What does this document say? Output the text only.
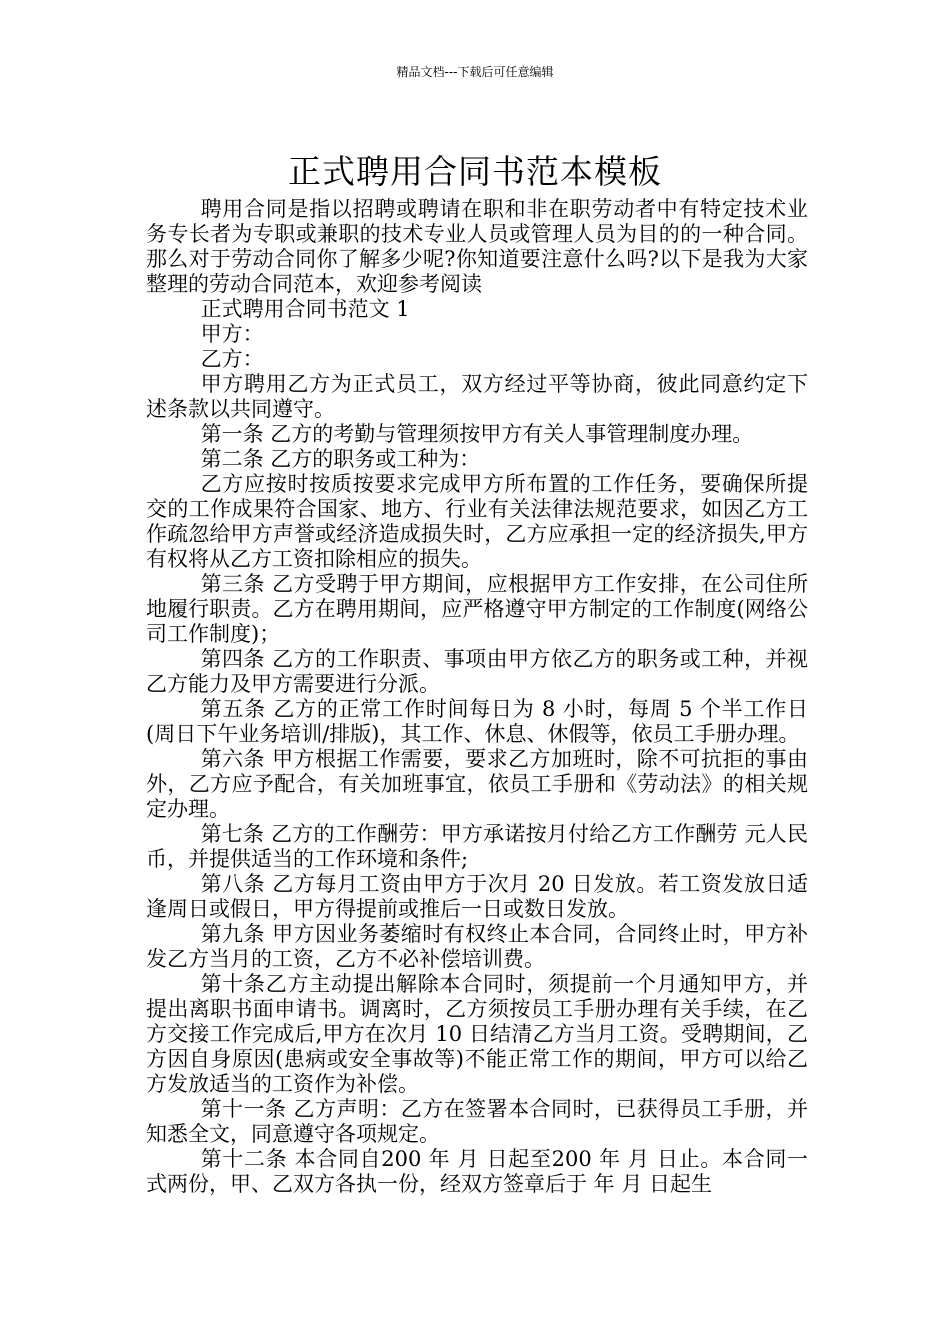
精品文档---下载后可任意编辑
正式聘用合同书范本模板

聘用合同是指以招聘或聘请在职和非在职劳动者中有特定技术业务专长者为专职或兼职的技术专业人员或管理人员为目的的一种合同。那么对于劳动合同你了解多少呢?你知道要注意什么吗?以下是我为大家整理的劳动合同范本，欢迎参考阅读

正式聘用合同书范文 1

甲方：

乙方：

甲方聘用乙方为正式员工，双方经过平等协商，彼此同意约定下述条款以共同遵守。

第一条 乙方的考勤与管理须按甲方有关人事管理制度办理。

第二条 乙方的职务或工种为：

乙方应按时按质按要求完成甲方所布置的工作任务，要确保所提交的工作成果符合国家、地方、行业有关法律法规范要求，如因乙方工作疏忽给甲方声誉或经济造成损失时，乙方应承担一定的经济损失,甲方有权将从乙方工资扣除相应的损失。

第三条 乙方受聘于甲方期间，应根据甲方工作安排，在公司住所地履行职责。乙方在聘用期间，应严格遵守甲方制定的工作制度(网络公司工作制度)；

第四条 乙方的工作职责、事项由甲方依乙方的职务或工种，并视乙方能力及甲方需要进行分派。

第五条 乙方的正常工作时间每日为 8 小时，每周 5 个半工作日(周日下午业务培训/排版)，其工作、休息、休假等，依员工手册办理。

第六条 甲方根据工作需要，要求乙方加班时，除不可抗拒的事由外，乙方应予配合，有关加班事宜，依员工手册和《劳动法》的相关规定办理。

第七条 乙方的工作酬劳：甲方承诺按月付给乙方工作酬劳 元人民币，并提供适当的工作环境和条件;

第八条 乙方每月工资由甲方于次月 20 日发放。若工资发放日适逢周日或假日，甲方得提前或推后一日或数日发放。

第九条 甲方因业务萎缩时有权终止本合同，合同终止时，甲方补发乙方当月的工资，乙方不必补偿培训费。

第十条乙方主动提出解除本合同时，须提前一个月通知甲方，并提出离职书面申请书。调离时，乙方须按员工手册办理有关手续，在乙方交接工作完成后,甲方在次月 10 日结清乙方当月工资。受聘期间，乙方因自身原因(患病或安全事故等)不能正常工作的期间，甲方可以给乙方发放适当的工资作为补偿。

第十一条 乙方声明：乙方在签署本合同时，已获得员工手册，并知悉全文，同意遵守各项规定。

第十二条 本合同自200 年 月 日起至200 年 月 日止。本合同一式两份，甲、乙双方各执一份，经双方签章后于 年 月 日起生
